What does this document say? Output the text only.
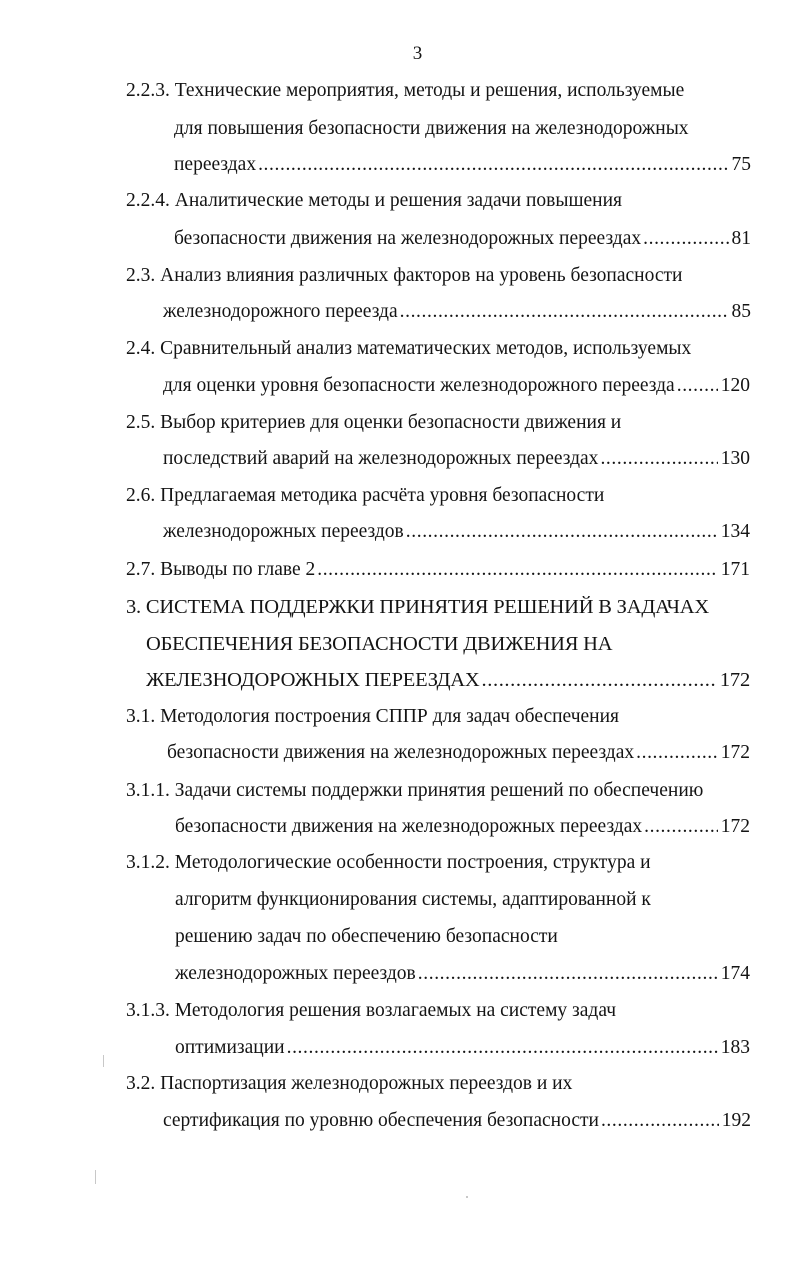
3
2.2.3. Технические мероприятия, методы и решения, используемые
для повышения безопасности движения на железнодорожных
переездах .....	75
2.2.4. Аналитические методы и решения задачи повышения
безопасности движения на железнодорожных переездах .....	81
2.3. Анализ влияния различных факторов на уровень безопасности
железнодорожного переезда .....	85
2.4. Сравнительный анализ математических методов, используемых
для оценки уровня безопасности железнодорожного переезда ..... 120
2.5. Выбор критериев для оценки безопасности движения и
последствий аварий на железнодорожных переездах .....	130
2.6. Предлагаемая методика расчёта уровня безопасности
железнодорожных переездов .....	134
2.7. Выводы по главе 2 .....	171
3. СИСТЕМА ПОДДЕРЖКИ ПРИНЯТИЯ РЕШЕНИЙ В ЗАДАЧАХ
ОБЕСПЕЧЕНИЯ БЕЗОПАСНОСТИ ДВИЖЕНИЯ НА
ЖЕЛЕЗНОДОРОЖНЫХ ПЕРЕЕЗДАХ .....	172
3.1. Методология построения СППР для задач обеспечения
безопасности движения на железнодорожных переездах .....	172
3.1.1. Задачи системы поддержки принятия решений по обеспечению
безопасности движения на железнодорожных переездах .....	172
3.1.2. Методологические особенности построения, структура и
алгоритм функционирования системы, адаптированной к
решению задач по обеспечению безопасности
железнодорожных переездов .....	174
3.1.3. Методология решения возлагаемых на систему задач
оптимизации .....	183
3.2. Паспортизация железнодорожных переездов и их
сертификация по уровню обеспечения безопасности .....	192
